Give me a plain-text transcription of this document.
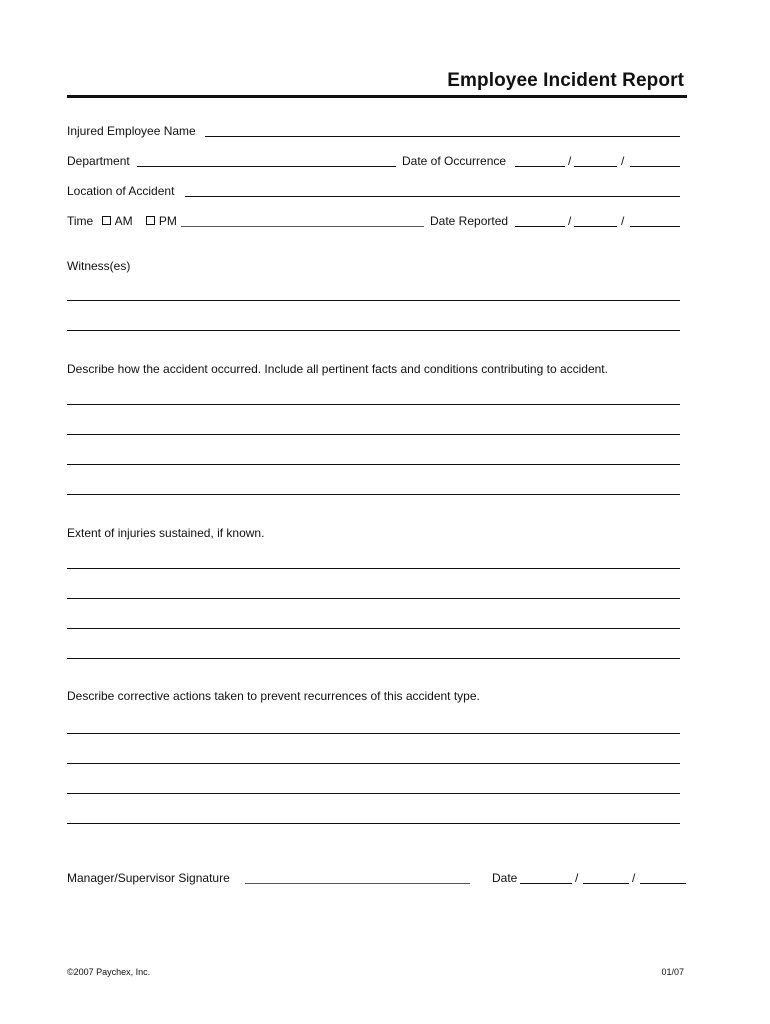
Employee Incident Report
Injured Employee Name
Department	Date of Occurrence	/	/
Location of Accident
Time AM PM	Date Reported	/	/
Witness(es)
Describe how the accident occurred. Include all pertinent facts and conditions contributing to accident.
Extent of injuries sustained, if known.
Describe corrective actions taken to prevent recurrences of this accident type.
Manager/Supervisor Signature	Date	/	/
©2007 Paychex, Inc.	01/07
